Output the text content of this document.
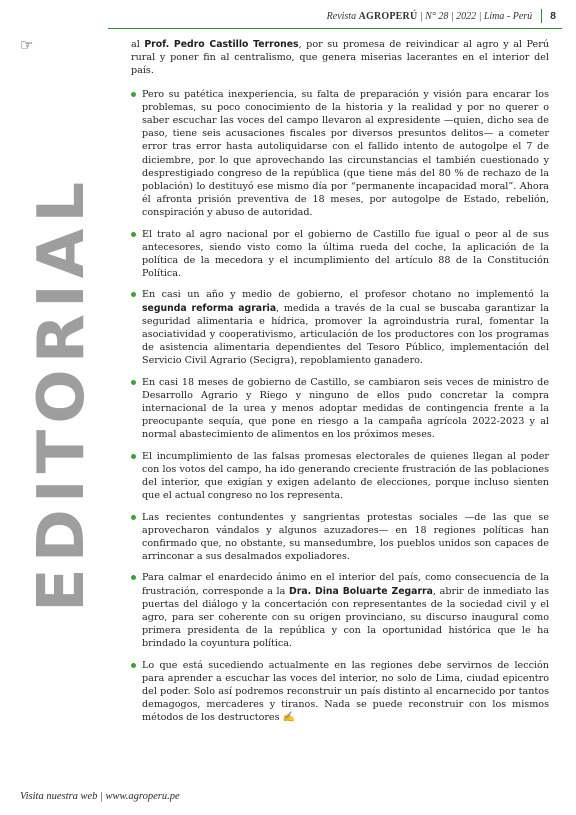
Revista AGROPERÚ | N° 28 | 2022 | Lima - Perú 8
☞
EDITORIAL

al Prof. Pedro Castillo Terrones, por su promesa de reivindicar al agro y al Perú rural y poner fin al centralismo, que genera miserias lacerantes en el interior del país.

Pero su patética inexperiencia, su falta de preparación y visión para encarar los problemas, su poco conocimiento de la historia y la realidad y por no querer o saber escuchar las voces del campo llevaron al expresidente —quien, dicho sea de paso, tiene seis acusaciones fiscales por diversos presuntos delitos— a cometer error tras error hasta autoliquidarse con el fallido intento de autogolpe el 7 de diciembre, por lo que aprovechando las circunstancias el también cuestionado y desprestigiado congreso de la república (que tiene más del 80 % de rechazo de la población) lo destituyó ese mismo día por “permanente incapacidad moral”. Ahora él afronta prisión preventiva de 18 meses, por autogolpe de Estado, rebelión, conspiración y abuso de autoridad.

El trato al agro nacional por el gobierno de Castillo fue igual o peor al de sus antecesores, siendo visto como la última rueda del coche, la aplicación de la política de la mecedora y el incumplimiento del artículo 88 de la Constitución Política.

En casi un año y medio de gobierno, el profesor chotano no implementó la segunda reforma agraria, medida a través de la cual se buscaba garantizar la seguridad alimentaria e hídrica, promover la agroindustria rural, fomentar la asociatividad y cooperativismo, articulación de los productores con los programas de asistencia alimentaria dependientes del Tesoro Público, implementación del Servicio Civil Agrario (Secigra), repoblamiento ganadero.

En casi 18 meses de gobierno de Castillo, se cambiaron seis veces de ministro de Desarrollo Agrario y Riego y ninguno de ellos pudo concretar la compra internacional de la urea y menos adoptar medidas de contingencia frente a la preocupante sequía, que pone en riesgo a la campaña agrícola 2022-2023 y al normal abastecimiento de alimentos en los próximos meses.

El incumplimiento de las falsas promesas electorales de quienes llegan al poder con los votos del campo, ha ido generando creciente frustración de las poblaciones del interior, que exigían y exigen adelanto de elecciones, porque incluso sienten que el actual congreso no los representa.

Las recientes contundentes y sangrientas protestas sociales —de las que se aprovecharon vándalos y algunos azuzadores— en 18 regiones políticas han confirmado que, no obstante, su mansedumbre, los pueblos unidos son capaces de arrinconar a sus desalmados expoliadores.

Para calmar el enardecido ánimo en el interior del país, como consecuencia de la frustración, corresponde a la Dra. Dina Boluarte Zegarra, abrir de inmediato las puertas del diálogo y la concertación con representantes de la sociedad civil y el agro, para ser coherente con su origen provinciano, su discurso inaugural como primera presidenta de la república y con la oportunidad histórica que le ha brindado la coyuntura política.

Lo que está sucediendo actualmente en las regiones debe servirnos de lección para aprender a escuchar las voces del interior, no solo de Lima, ciudad epicentro del poder. Solo así podremos reconstruir un país distinto al encarnecido por tantos demagogos, mercaderes y tiranos. Nada se puede reconstruir con los mismos métodos de los destructores ✍

Visita nuestra web | www.agroperu.pe
